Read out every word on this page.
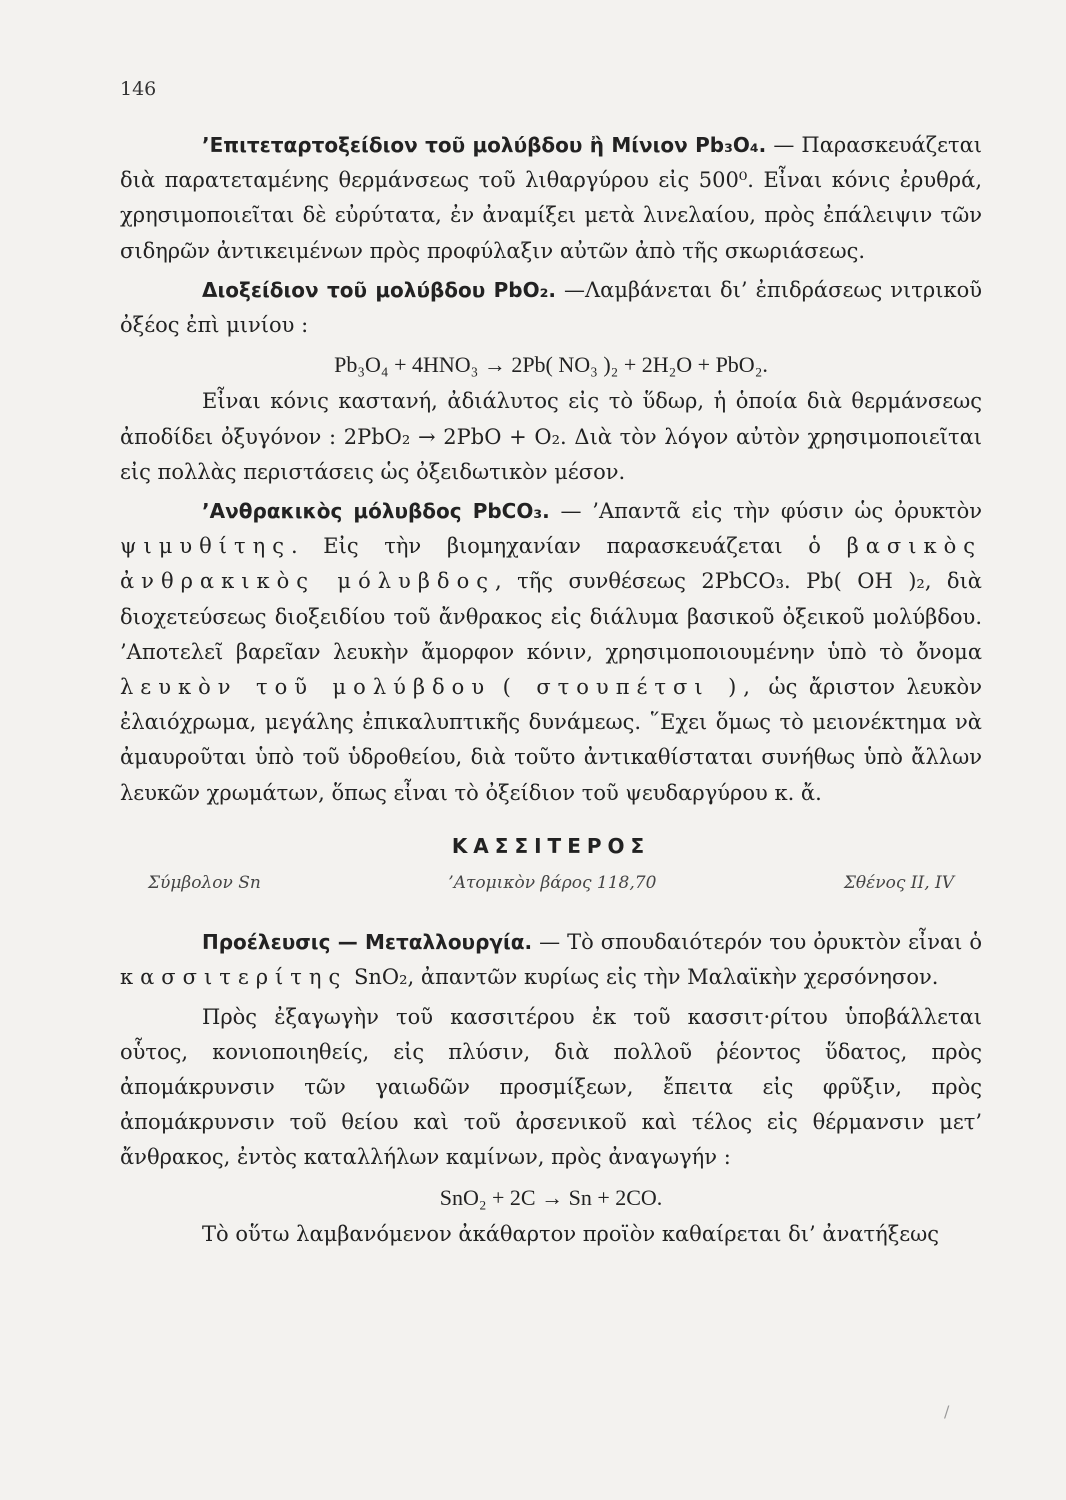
146

’Επιτεταρτοξείδιον τοῦ μολύβδου ἢ Μίνιον Pb₃O₄. — Παρασκευάζεται διὰ παρατεταμένης θερμάνσεως τοῦ λιθαργύρου εἰς 500⁰. Εἶναι κόνις ἐρυθρά, χρησιμοποιεῖται δὲ εὐρύτατα, ἐν ἀναμίξει μετὰ λινελαίου, πρὸς ἐπάλειψιν τῶν σιδηρῶν ἀντικειμένων πρὸς προφύλαξιν αὐτῶν ἀπὸ τῆς σκωριάσεως.

Διοξείδιον τοῦ μολύβδου PbO₂. —Λαμβάνεται δι’ ἐπιδράσεως νιτρικοῦ ὀξέος ἐπὶ μινίου :

Pb₃O₄ + 4HNO₃ → 2Pb( NO₃ )₂ + 2H₂O + PbO₂.

Εἶναι κόνις καστανή, ἀδιάλυτος εἰς τὸ ὕδωρ, ἡ ὁποία διὰ θερμάνσεως ἀποδίδει ὀξυγόνον : 2PbO₂ → 2PbO + O₂. Διὰ τὸν λόγον αὐτὸν χρησιμοποιεῖται εἰς πολλὰς περιστάσεις ὡς ὀξειδωτικὸν μέσον.

’Ανθρακικὸς μόλυβδος PbCO₃. — ’Απαντᾶ εἰς τὴν φύσιν ὡς ὀρυκτὸν ψιμυθίτης. Εἰς τὴν βιομηχανίαν παρασκευάζεται ὁ βασικὸς ἀνθρακικὸς μόλυβδος, τῆς συνθέσεως 2PbCO₃. Pb( OH )₂, διὰ διοχετεύσεως διοξειδίου τοῦ ἄνθρακος εἰς διάλυμα βασικοῦ ὀξεικοῦ μολύβδου. ’Αποτελεῖ βαρεῖαν λευκὴν ἄμορφον κόνιν, χρησιμοποιουμένην ὑπὸ τὸ ὄνομα λευκὸν τοῦ μολύβδου ( στουπέτσι ), ὡς ἄριστον λευκὸν ἐλαιόχρωμα, μεγάλης ἐπικαλυπτικῆς δυνάμεως. ῞Εχει ὅμως τὸ μειονέκτημα νὰ ἀμαυροῦται ὑπὸ τοῦ ὑδροθείου, διὰ τοῦτο ἀντικαθίσταται συνήθως ὑπὸ ἄλλων λευκῶν χρωμάτων, ὅπως εἶναι τὸ ὀξείδιον τοῦ ψευδαργύρου κ. ἄ.

ΚΑΣΣΙΤΕΡΟΣ
Σύμβολον Sn	’Ατομικὸν βάρος 118,70	Σθένος II, IV

Προέλευσις — Μεταλλουργία. — Τὸ σπουδαιότερόν του ὀρυκτὸν εἶναι ὁ κασσιτερίτης SnO₂, ἀπαντῶν κυρίως εἰς τὴν Μαλαϊκὴν χερσόνησον.

Πρὸς ἐξαγωγὴν τοῦ κασσιτέρου ἐκ τοῦ κασσιτ·ρίτου ὑποβάλλεται οὗτος, κονιοποιηθείς, εἰς πλύσιν, διὰ πολλοῦ ῥέοντος ὕδατος, πρὸς ἀπομάκρυνσιν τῶν γαιωδῶν προσμίξεων, ἔπειτα εἰς φρῦξιν, πρὸς ἀπομάκρυνσιν τοῦ θείου καὶ τοῦ ἀρσενικοῦ καὶ τέλος εἰς θέρμανσιν μετ’ ἄνθρακος, ἐντὸς καταλλήλων καμίνων, πρὸς ἀναγωγήν :

SnO₂ + 2C → Sn + 2CO.

Τὸ οὕτω λαμβανόμενον ἀκάθαρτον προϊὸν καθαίρεται δι’ ἀνατήξεως

/
